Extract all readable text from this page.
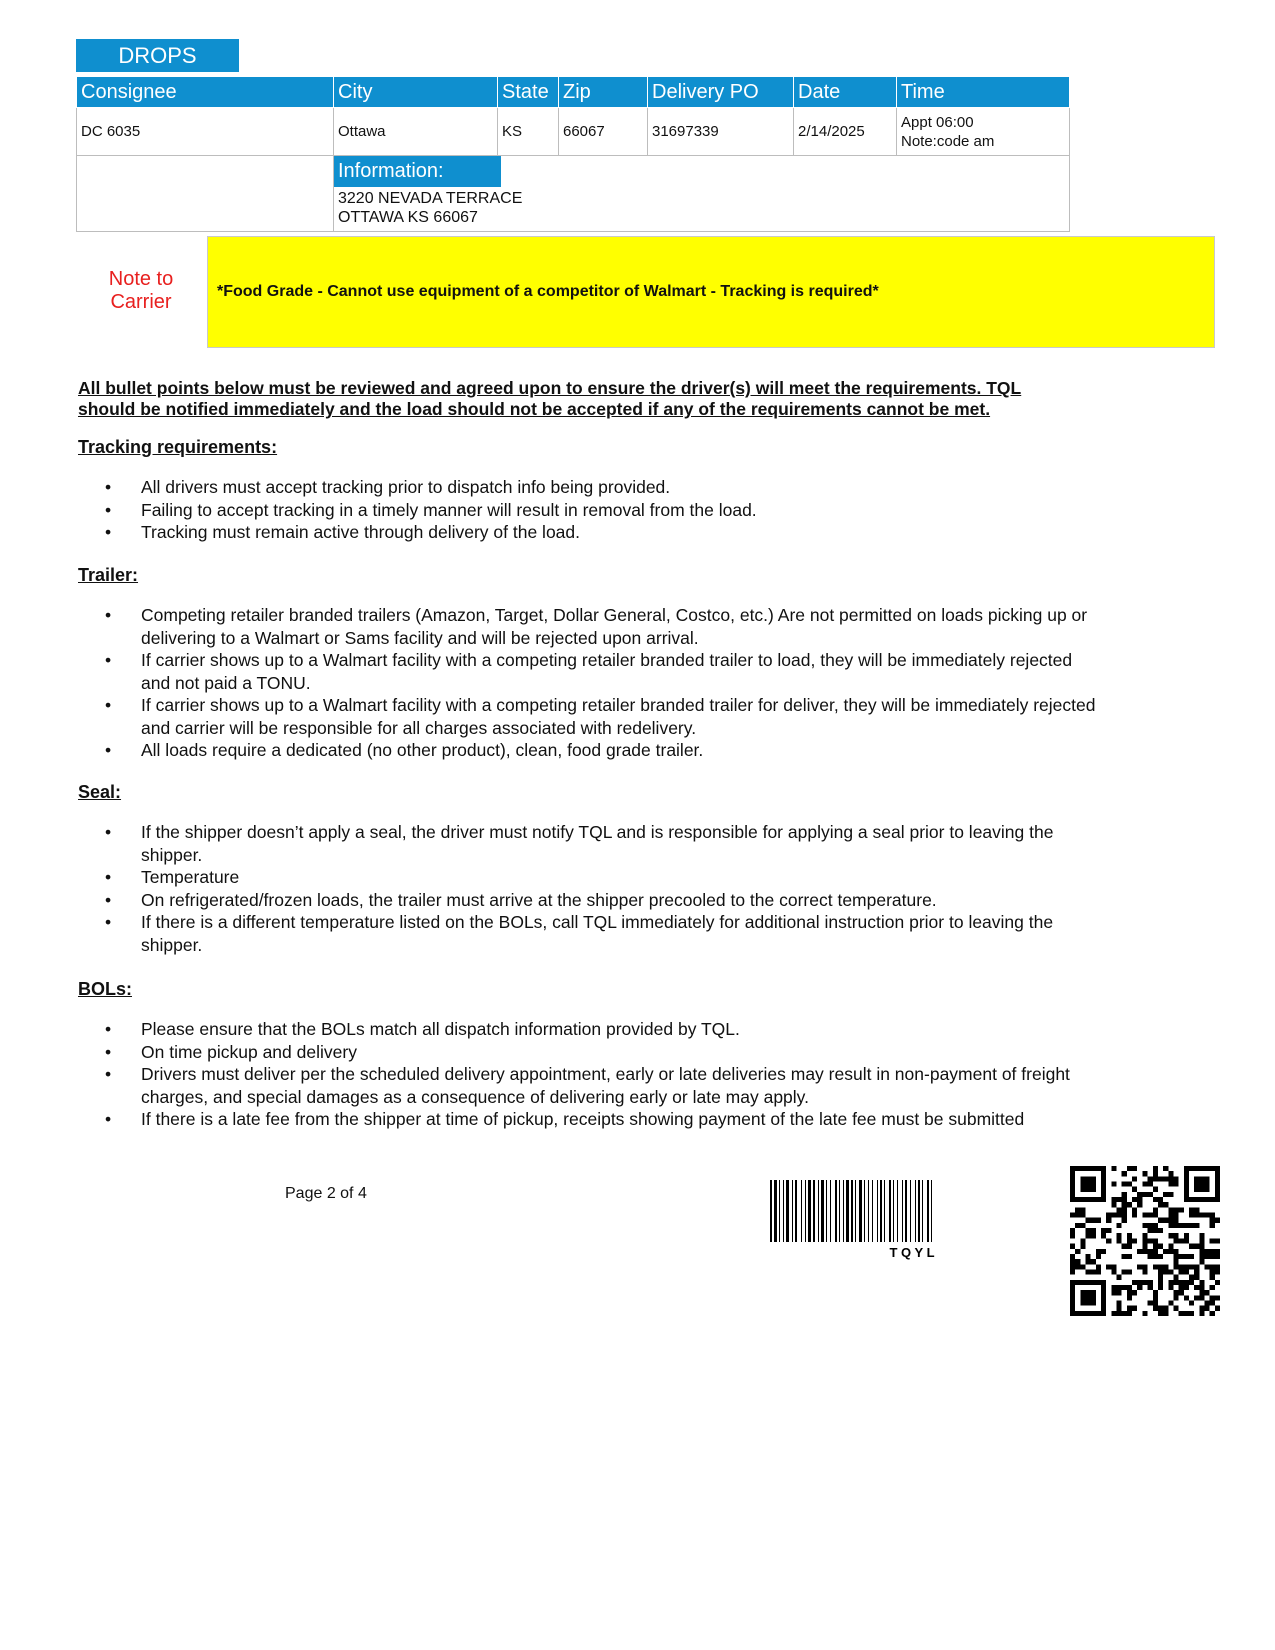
DROPS
Consignee	City	State	Zip	Delivery PO	Date	Time
DC 6035	Ottawa	KS	66067	31697339	2/14/2025	Appt 06:00
Note:code am

	Information:
3220 NEVADA TERRACE
OTTAWA KS 66067					
Note to
Carrier	*Food Grade - Cannot use equipment of a competitor of Walmart - Tracking is required*
All bullet points below must be reviewed and agreed upon to ensure the driver(s) will meet the requirements. TQL should be notified immediately and the load should not be accepted if any of the requirements cannot be met.
Tracking requirements:
• All drivers must accept tracking prior to dispatch info being provided.
• Failing to accept tracking in a timely manner will result in removal from the load.
• Tracking must remain active through delivery of the load.
Trailer:
• Competing retailer branded trailers (Amazon, Target, Dollar General, Costco, etc.) Are not permitted on loads picking up or delivering to a Walmart or Sams facility and will be rejected upon arrival.
• If carrier shows up to a Walmart facility with a competing retailer branded trailer to load, they will be immediately rejected and not paid a TONU.
• If carrier shows up to a Walmart facility with a competing retailer branded trailer for deliver, they will be immediately rejected and carrier will be responsible for all charges associated with redelivery.
• All loads require a dedicated (no other product), clean, food grade trailer.
Seal:
• If the shipper doesn’t apply a seal, the driver must notify TQL and is responsible for applying a seal prior to leaving the shipper.
• Temperature
• On refrigerated/frozen loads, the trailer must arrive at the shipper precooled to the correct temperature.
• If there is a different temperature listed on the BOLs, call TQL immediately for additional instruction prior to leaving the shipper.
BOLs:
• Please ensure that the BOLs match all dispatch information provided by TQL.
• On time pickup and delivery
• Drivers must deliver per the scheduled delivery appointment, early or late deliveries may result in non-payment of freight charges, and special damages as a consequence of delivering early or late may apply.
• If there is a late fee from the shipper at time of pickup, receipts showing payment of the late fee must be submitted
Page 2 of 4
T Q Y L
